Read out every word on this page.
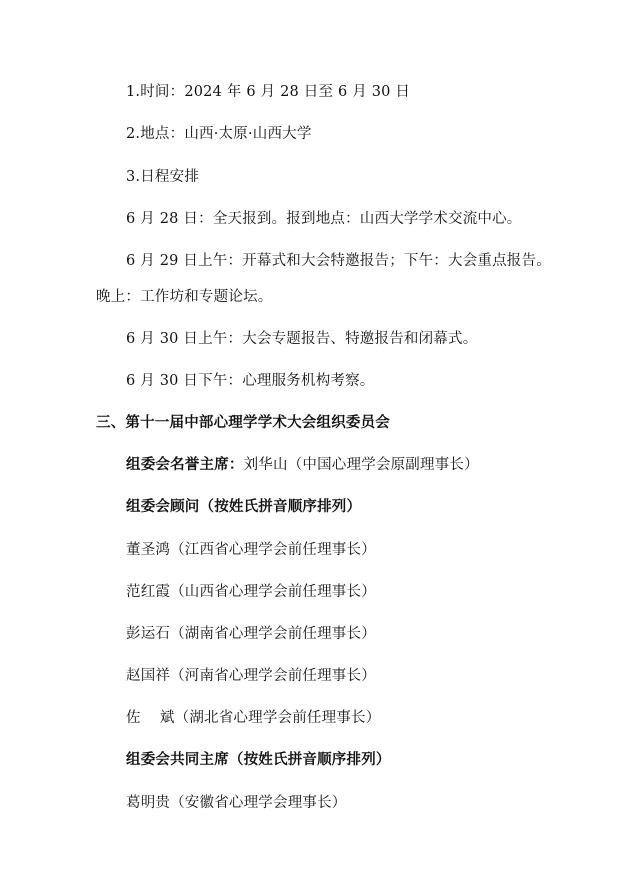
1.时间：2024 年 6 月 28 日至 6 月 30 日
2.地点：山西·太原·山西大学
3.日程安排
6 月 28 日：全天报到。报到地点：山西大学学术交流中心。
6 月 29 日上午：开幕式和大会特邀报告；下午：大会重点报告。
晚上：工作坊和专题论坛。
6 月 30 日上午：大会专题报告、特邀报告和闭幕式。
6 月 30 日下午：心理服务机构考察。
三、第十一届中部心理学学术大会组织委员会
组委会名誉主席：刘华山（中国心理学会原副理事长）
组委会顾问（按姓氏拼音顺序排列）
董圣鸿（江西省心理学会前任理事长）
范红霞（山西省心理学会前任理事长）
彭运石（湖南省心理学会前任理事长）
赵国祥（河南省心理学会前任理事长）
佐    斌（湖北省心理学会前任理事长）
组委会共同主席（按姓氏拼音顺序排列）
葛明贵（安徽省心理学会理事长）
